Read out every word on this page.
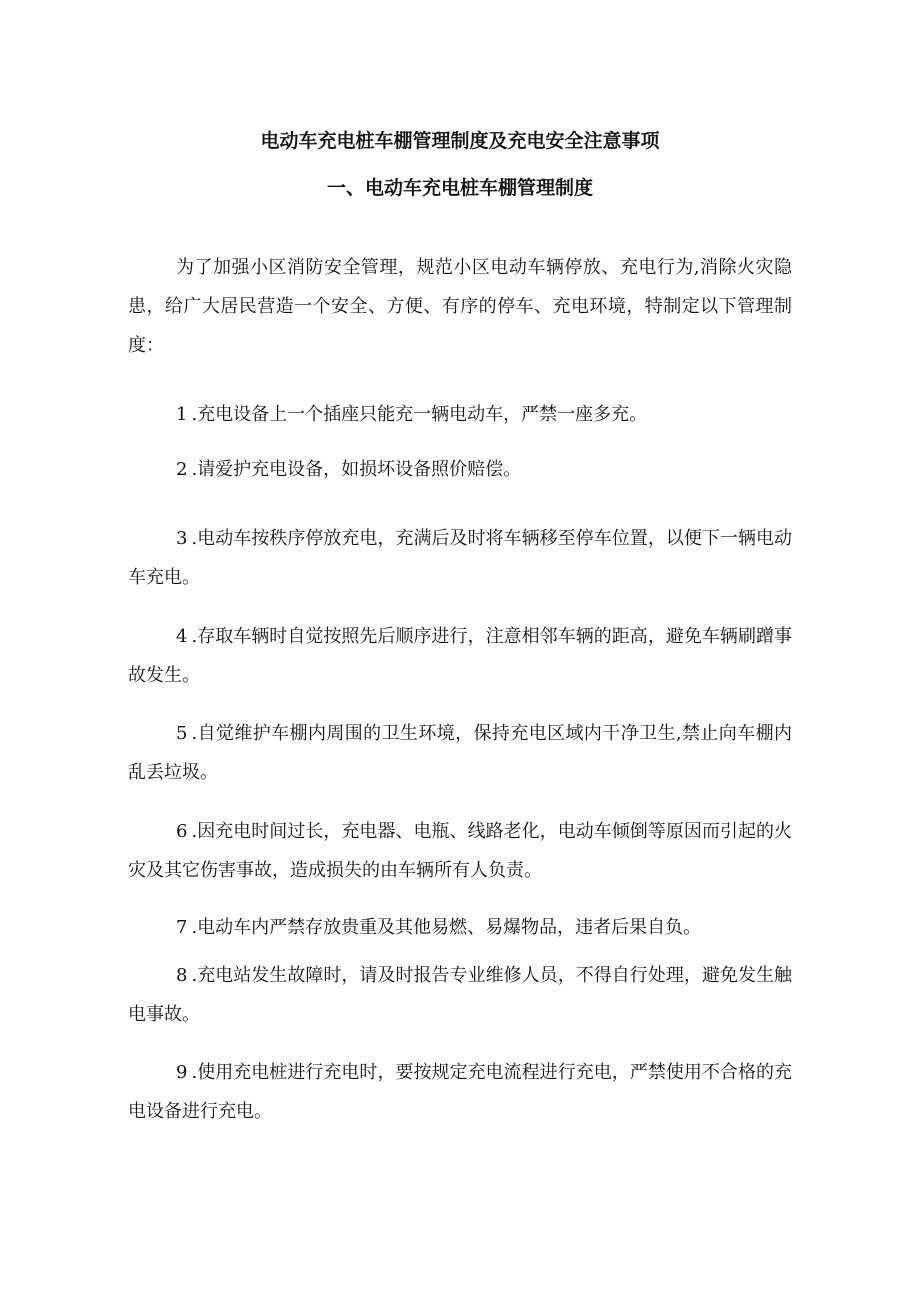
电动车充电桩车棚管理制度及充电安全注意事项
一、电动车充电桩车棚管理制度

为了加强小区消防安全管理，规范小区电动车辆停放、充电行为,消除火灾隐患，给广大居民营造一个安全、方便、有序的停车、充电环境，特制定以下管理制度：

1 .充电设备上一个插座只能充一辆电动车，严禁一座多充。

2 .请爱护充电设备，如损坏设备照价赔偿。

3 .电动车按秩序停放充电，充满后及时将车辆移至停车位置，以便下一辆电动车充电。

4 .存取车辆时自觉按照先后顺序进行，注意相邻车辆的距高，避免车辆刷蹭事故发生。

5 .自觉维护车棚内周围的卫生环境，保持充电区域内干净卫生,禁止向车棚内乱丢垃圾。

6 .因充电时间过长，充电器、电瓶、线路老化，电动车倾倒等原因而引起的火灾及其它伤害事故，造成损失的由车辆所有人负责。

7 .电动车内严禁存放贵重及其他易燃、易爆物品，违者后果自负。

8 .充电站发生故障时，请及时报告专业维修人员，不得自行处理，避免发生触电事故。

9 .使用充电桩进行充电时，要按规定充电流程进行充电，严禁使用不合格的充电设备进行充电。
